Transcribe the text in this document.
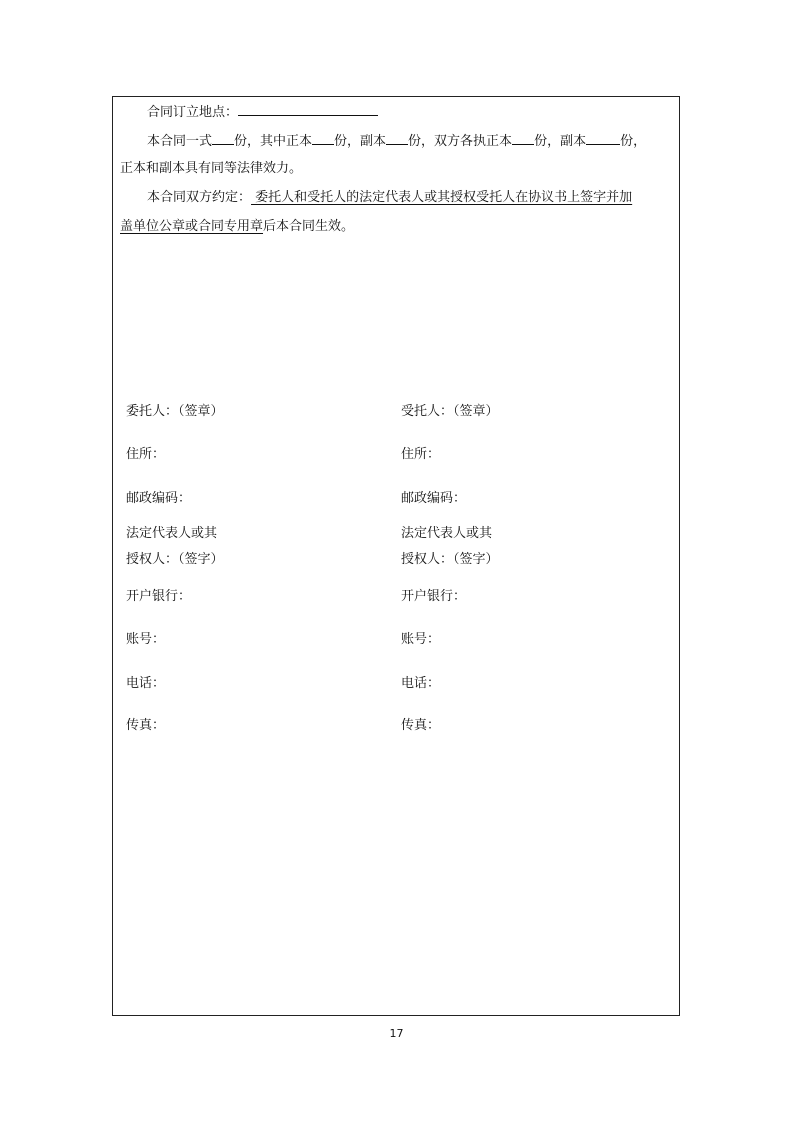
合同订立地点：
本合同一式 份，其中正本 份，副本 份，双方各执正本 份，副本	份，
正本和副本具有同等法律效力。
本合同双方约定： 委托人和受托人的法定代表人或其授权受托人在协议书上签字并加
盖单位公章或合同专用章后本合同生效。
委托人：（签章）
住所：
邮政编码：
法定代表人或其
授权人：（签字）
开户银行：
账号：
电话：
传真：
受托人：（签章）
住所：
邮政编码：
法定代表人或其
授权人：（签字）
开户银行：
账号：
电话：
传真：
17
